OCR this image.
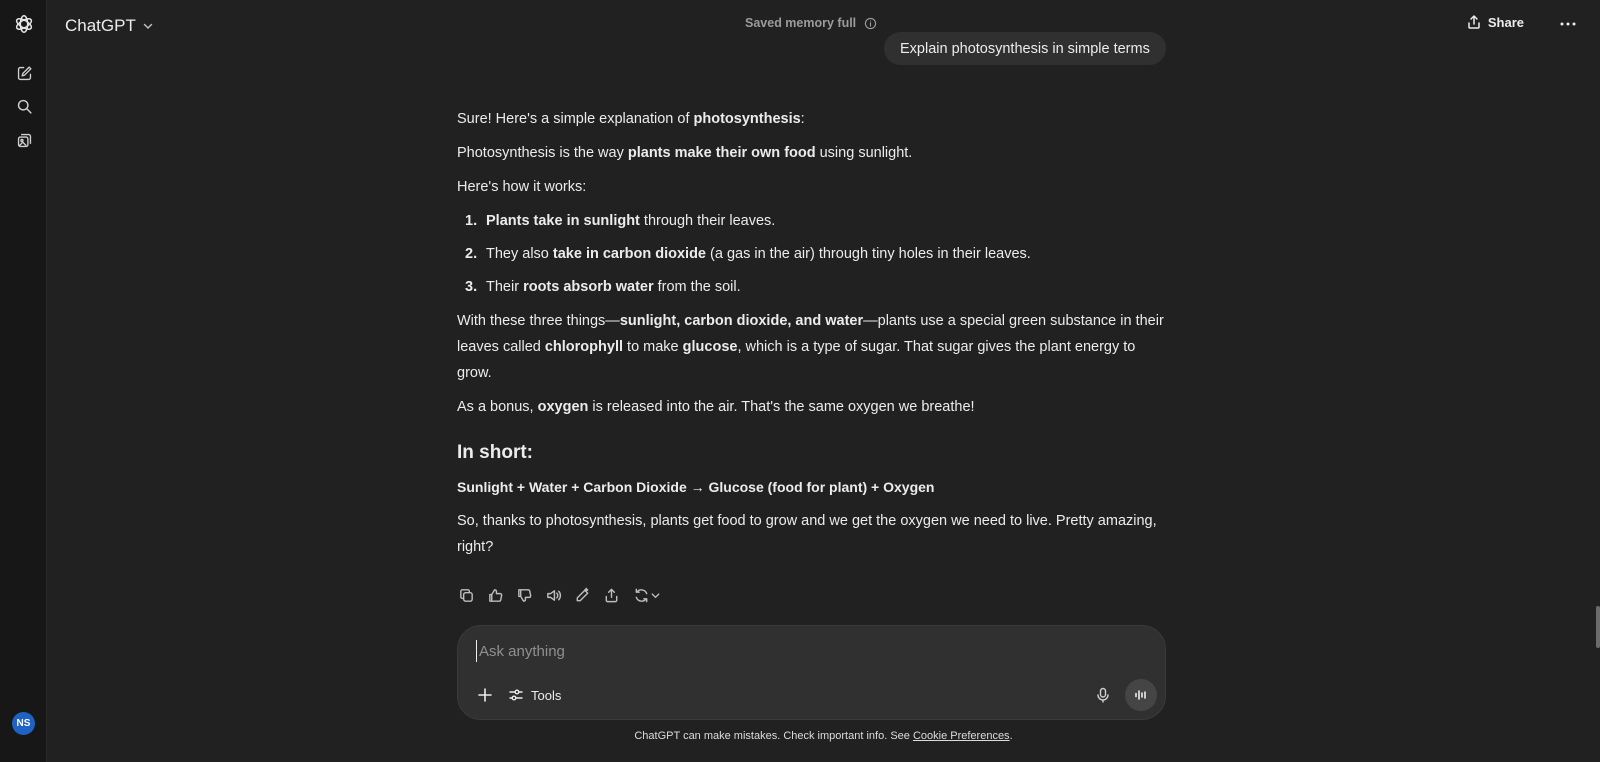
NS
ChatGPT	Saved memory full	Share
Explain photosynthesis in simple terms

Sure! Here's a simple explanation of photosynthesis:

Photosynthesis is the way plants make their own food using sunlight.

Here's how it works:

1. Plants take in sunlight through their leaves.
2. They also take in carbon dioxide (a gas in the air) through tiny holes in their leaves.
3. Their roots absorb water from the soil.

With these three things—sunlight, carbon dioxide, and water—plants use a special green substance in their leaves called chlorophyll to make glucose, which is a type of sugar. That sugar gives the plant energy to grow.

As a bonus, oxygen is released into the air. That's the same oxygen we breathe!

In short:

Sunlight + Water + Carbon Dioxide → Glucose (food for plant) + Oxygen

So, thanks to photosynthesis, plants get food to grow and we get the oxygen we need to live. Pretty amazing, right?

Ask anything
Tools
ChatGPT can make mistakes. Check important info. See Cookie Preferences.
